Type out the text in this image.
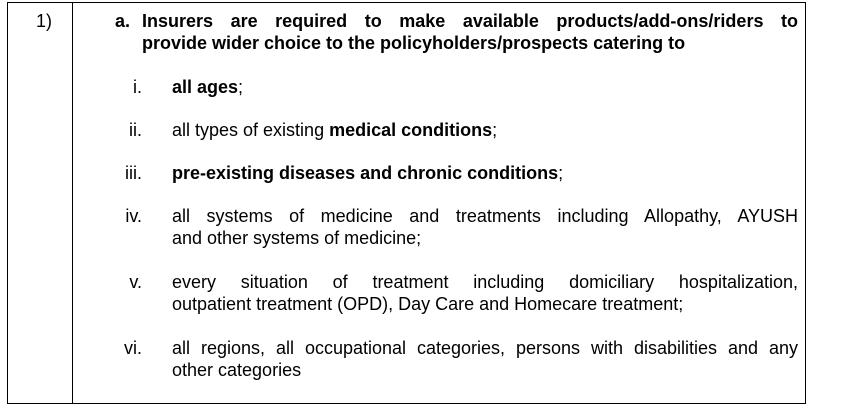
1)	a. Insurers are required to make available products/add-ons/riders to
provide wider choice to the policyholders/prospects catering to
i. all ages;
ii. all types of existing medical conditions;
iii. pre-existing diseases and chronic conditions;
iv. all systems of medicine and treatments including Allopathy, AYUSH
and other systems of medicine;
v. every situation of treatment including domiciliary hospitalization,
outpatient treatment (OPD), Day Care and Homecare treatment;
vi. all regions, all occupational categories, persons with disabilities and any
other categories
